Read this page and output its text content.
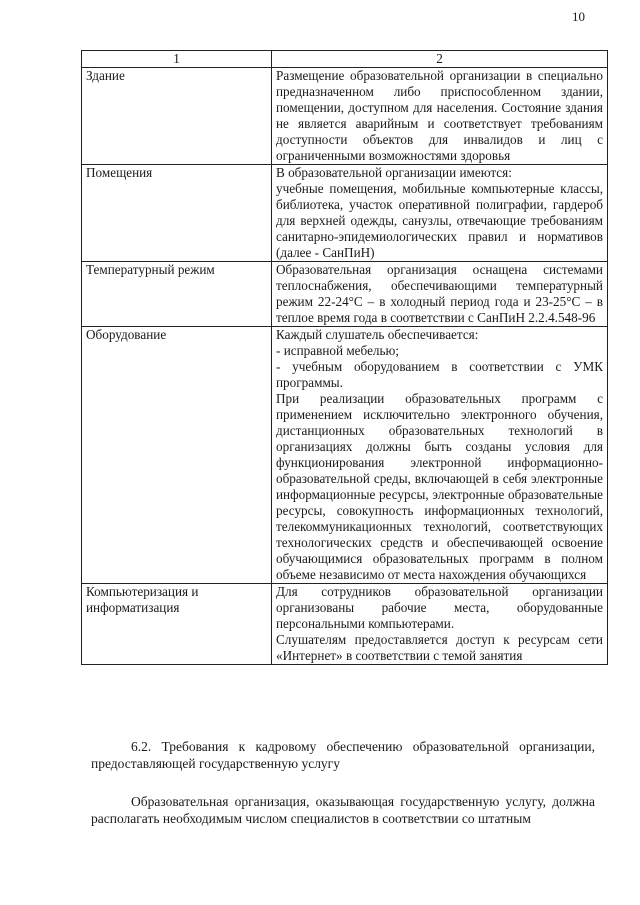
10
1	2
Здание	Размещение образовательной организации в специально предназначенном либо приспособленном здании, помещении, доступном для населения. Состояние здания не является аварийным и соответствует требованиям доступности объектов для инвалидов и лиц с ограниченными возможностями здоровья

Помещения	В образовательной организации имеются:
учебные помещения, мобильные компьютерные классы, библиотека, участок оперативной полиграфии, гардероб для верхней одежды, санузлы, отвечающие требованиям санитарно-эпидемиологических правил и нормативов (далее - СанПиН)

Температурный режим	Образовательная организация оснащена системами теплоснабжения, обеспечивающими температурный режим 22-24°С – в холодный период года и 23-25°С – в теплое время года в соответствии с СанПиН 2.2.4.548-96

Оборудование	Каждый слушатель обеспечивается:
- исправной мебелью;
- учебным оборудованием в соответствии с УМК программы.
При реализации образовательных программ с применением исключительно электронного обучения, дистанционных образовательных технологий в организациях должны быть созданы условия для функционирования электронной информационно-образовательной среды, включающей в себя электронные информационные ресурсы, электронные образовательные ресурсы, совокупность информационных технологий, телекоммуникационных технологий, соответствующих технологических средств и обеспечивающей освоение обучающимися образовательных программ в полном объеме независимо от места нахождения обучающихся

Компьютеризация и информатизация	Для сотрудников образовательной организации организованы рабочие места, оборудованные персональными компьютерами.
Слушателям предоставляется доступ к ресурсам сети «Интернет» в соответствии с темой занятия
6.2. Требования к кадровому обеспечению образовательной организации, предоставляющей государственную услугу
Образовательная организация, оказывающая государственную услугу, должна располагать необходимым числом специалистов в соответствии со штатным
